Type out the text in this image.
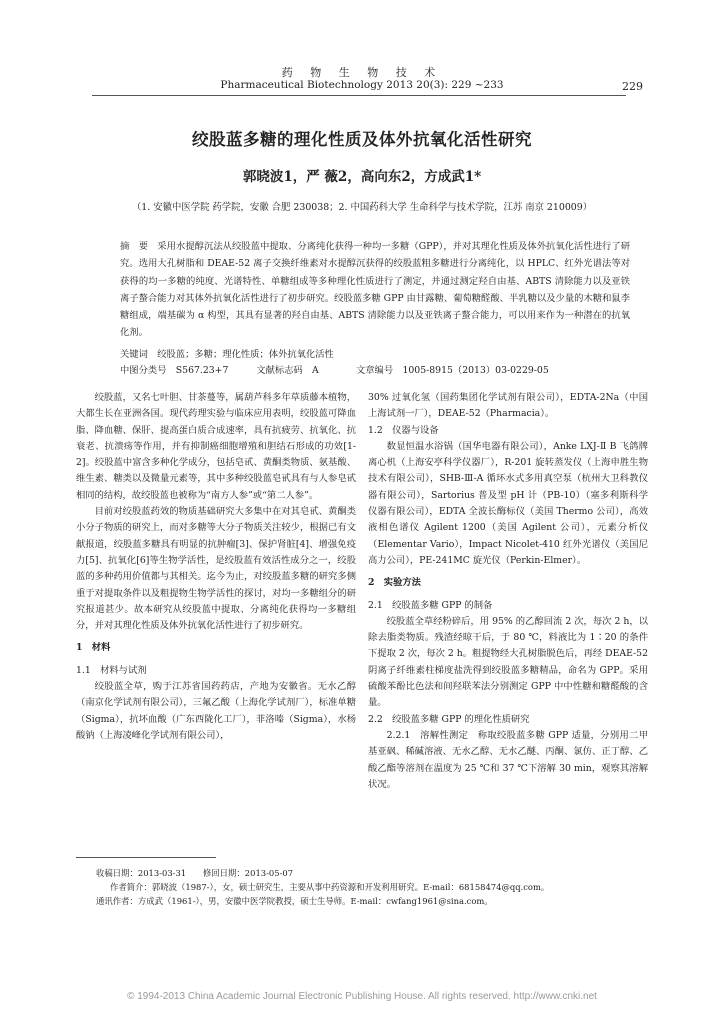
药 物 生 物 技 术
Pharmaceutical Biotechnology 2013 20(3): 229 ~233	229
绞股蓝多糖的理化性质及体外抗氧化活性研究
郭晓波1，严 薇2，高向东2，方成武1*
（1. 安徽中医学院 药学院，安徽 合肥 230038；2. 中国药科大学 生命科学与技术学院，江苏 南京 210009）
摘　要　采用水提醇沉法从绞股蓝中提取、分离纯化获得一种均一多糖（GPP），并对其理化性质及体外抗氧化活性进行了研究。选用大孔树脂和 DEAE-52 离子交换纤维素对水提醇沉获得的绞股蓝粗多糖进行分离纯化，以 HPLC、红外光谱法等对获得的均一多糖的纯度、光谱特性、单糖组成等多种理化性质进行了测定，并通过测定羟自由基、ABTS 清除能力以及亚铁离子螯合能力对其体外抗氧化活性进行了初步研究。绞股蓝多糖 GPP 由甘露糖、葡萄糖醛酸、半乳糖以及少量的木糖和鼠李糖组成，端基碳为 α 构型，其具有显著的羟自由基、ABTS 清除能力以及亚铁离子螯合能力，可以用来作为一种潜在的抗氧化剂。
关键词　绞股蓝；多糖；理化性质；体外抗氧化活性
中图分类号　S567.23+7　　　文献标志码　A　　　　文章编号　1005-8915（2013）03-0229-05

绞股蓝，又名七叶胆、甘茶蔓等，属葫芦科多年草质藤本植物，大都生长在亚洲各国。现代药理实验与临床应用表明，绞股蓝可降血脂、降血糖、保肝、提高蛋白质合成速率，具有抗疲劳、抗氧化、抗衰老、抗溃疡等作用，并有抑制癌细胞增殖和胆结石形成的功效[1-2]。绞股蓝中富含多种化学成分，包括皂甙、黄酮类物质、氨基酸、维生素、糖类以及微量元素等，其中多种绞股蓝皂甙具有与人参皂甙相同的结构，故绞股蓝也被称为“南方人参”或“第二人参”。

目前对绞股蓝药效的物质基础研究大多集中在对其皂甙、黄酮类小分子物质的研究上，而对多糖等大分子物质关注较少，根据已有文献报道，绞股蓝多糖具有明显的抗肿瘤[3]、保护肾脏[4]、增强免疫力[5]、抗氧化[6]等生物学活性，是绞股蓝有效活性成分之一，绞股蓝的多种药用价值都与其相关。迄今为止，对绞股蓝多糖的研究多侧重于对提取条件以及粗提物生物学活性的探讨，对均一多糖组分的研究报道甚少。故本研究从绞股蓝中提取、分离纯化获得均一多糖组分，并对其理化性质及体外抗氧化活性进行了初步研究。

1　材料
1.1　材料与试剂

绞股蓝全草，购于江苏省国药药店，产地为安徽省。无水乙醇（南京化学试剂有限公司），三氟乙酸（上海化学试剂厂），标准单糖（Sigma），抗坏血酸（广东西陇化工厂），菲洛嗪（Sigma），水杨酸钠（上海凌峰化学试剂有限公司），

30% 过氧化氢（国药集团化学试剂有限公司），EDTA-2Na（中国上海试剂一厂），DEAE-52（Pharmacia）。

1.2　仪器与设备

数显恒温水浴锅（国华电器有限公司），Anke LXJ-Ⅱ B 飞鸽牌离心机（上海安亭科学仪器厂），R-201 旋转蒸发仪（上海申胜生物技术有限公司），SHB-Ⅲ-A 循环水式多用真空泵（杭州大卫科教仪器有限公司），Sartorius 普及型 pH 计（PB-10）（塞多利斯科学仪器有限公司），EDTA 全波长酶标仪（美国 Thermo 公司），高效液相色谱仪 Agilent 1200（美国 Agilent 公司），元素分析仪（Elementar Vario），Impact Nicolet-410 红外光谱仪（美国尼高力公司），PE-241MC 旋光仪（Perkin-Elmer）。

2　实验方法
2.1　绞股蓝多糖 GPP 的制备

绞股蓝全草经粉碎后，用 95% 的乙醇回流 2 次，每次 2 h，以除去脂类物质。残渣经晾干后，于 80 ℃，料液比为 1∶20 的条件下提取 2 次，每次 2 h。粗提物经大孔树脂脱色后，再经 DEAE-52 阴离子纤维素柱梯度盐洗得到绞股蓝多糖精品，命名为 GPP。采用硫酸苯酚比色法和间羟联苯法分别测定 GPP 中中性糖和糖醛酸的含量。

2.2　绞股蓝多糖 GPP 的理化性质研究

2.2.1　溶解性测定　称取绞股蓝多糖 GPP 适量，分别用二甲基亚砜、稀碱溶液、无水乙醇、无水乙醚、丙酮、氯仿、正丁醇、乙酸乙酯等溶剂在温度为 25 ℃和 37 ℃下溶解 30 min，观察其溶解状况。

收稿日期：2013-03-31　　修回日期：2013-05-07
作者简介：郭晓波（1987-），女，硕士研究生，主要从事中药资源和开发利用研究。E-mail：68158474@qq.com。
通讯作者：方成武（1961-），男，安徽中医学院教授，硕士生导师。E-mail：cwfang1961@sina.com。
© 1994-2013 China Academic Journal Electronic Publishing House. All rights reserved. http://www.cnki.net
